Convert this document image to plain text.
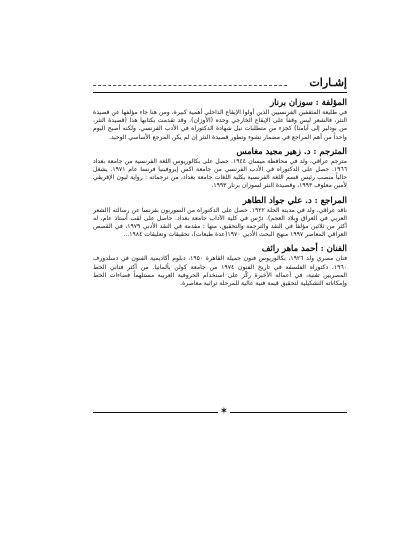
إشـارات
المؤلفة : سوزان برنار

في طليعة المثقفين الفرنسيين الذين أولوا الإيقاع الداخلي أهمية كبيرة، ومن هنا جاء مؤلفها عن قصيدة النثر، فالشعر ليس وقفاً على الإيقاع الخارجي وحده (الأوزان). وقد تقدمت بكتابها هذا (قصيدة النثر، من بودلير إلى أيامنا) كجزء من متطلبات نيل شهادة الدكتوراه في الأدب الفرنسي. ولكنه أصبح اليوم واحداً من أهم المراجع في مضمار نشوء وتطور قصيدة النثر إن لم يكن المرجع الأساسي الوحيد.

المترجم : د. زهير مجيد مغامس

مترجم عراقي، ولد في محافظة ميسان ١٩٤٤. حصل على بكالوريوس اللغة الفرنسية من جامعة بغداد ١٩٦٦. حصل على الدكتوراه في الأدب الفرنسي من جامعة اكس إيروفينيا فرنسا عام ١٩٧١. يشغل حالياً منصب رئيس قسم اللغة الفرنسية بكلية اللغات جامعة بغداد، من ترجماته : رواية ليون الإفريقي لأمين معلوف ١٩٩٣، وقصيدة النثر لسوزان برنار ١٩٩٣.

المراجع : د. علي جواد الطاهر

ناقد عراقي، ولد في مدينة الحلة ١٩٢٢. حصل على الدكتوراه من السوربون بفرنسا عن رسالته (الشعر العربي في العراق وبلاد العجم). درّس في كلية الآداب جامعة بغداد. حاصل على لقب أستاذ عام، له أكثر من ثلاثين مؤلفاً في النقد والترجمة والتحقيق، منها : مقدمة في النقد الأدبي ١٩٧٩، في القصص العراقي المعاصر ١٩٩٧ منهج البحث الأدبي ١٩٧٠(عدة طبعات)، تحقيقات وتعليقات ١٩٨٤...

الفنان : أحمد ماهر رائف

فنان مصري ولد ١٩٢٦، بكالوريوس فنون جميلة القاهرة ١٩٥٠، دبلوم أكاديمية الفنون في دسلدورف ١٩٦٠، دكتوراه الفلسفة في تاريخ الفنون ١٩٧٤ من جامعة كولن بألمانيا. من أكثر فناني الخط المصريين تقنية، في أعماله الأخيرة ركّز على استخدام الحروفية العربية مستلهماً فضاءات الخط وإمكاناته التشكيلية لتحقيق قيمة فنية عالية للمرحلة تراثية معاصرة.

✶
